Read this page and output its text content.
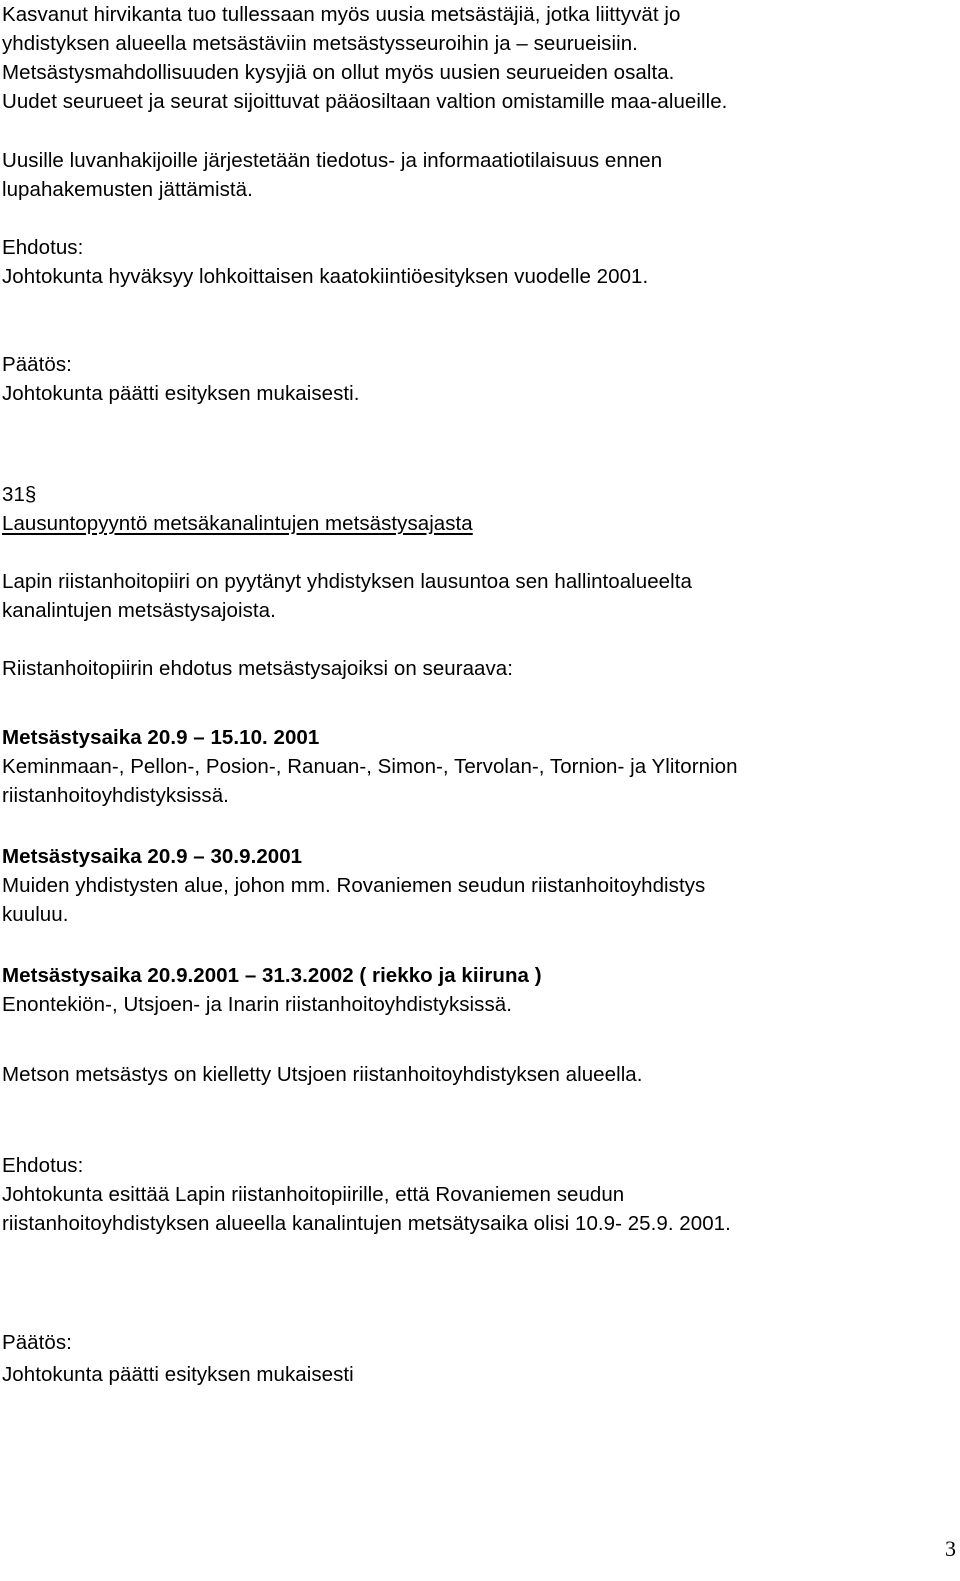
Kasvanut hirvikanta tuo tullessaan myös uusia metsästäjiä, jotka liittyvät jo
yhdistyksen alueella metsästäviin metsästysseuroihin ja – seurueisiin.
Metsästysmahdollisuuden kysyjiä on ollut myös uusien seurueiden osalta.
Uudet seurueet ja seurat sijoittuvat pääosiltaan valtion omistamille maa-alueille.
Uusille luvanhakijoille järjestetään tiedotus- ja informaatiotilaisuus ennen
lupahakemusten jättämistä.
Ehdotus:
Johtokunta hyväksyy lohkoittaisen kaatokiintiöesityksen vuodelle 2001.
Päätös:
Johtokunta päätti esityksen mukaisesti.
31§
Lausuntopyyntö metsäkanalintujen metsästysajasta
Lapin riistanhoitopiiri on pyytänyt yhdistyksen lausuntoa sen hallintoalueelta
kanalintujen metsästysajoista.
Riistanhoitopiirin ehdotus metsästysajoiksi on seuraava:
Metsästysaika 20.9 – 15.10. 2001
Keminmaan-, Pellon-, Posion-, Ranuan-, Simon-, Tervolan-, Tornion- ja Ylitornion
riistanhoitoyhdistyksissä.
Metsästysaika 20.9 – 30.9.2001
Muiden yhdistysten alue, johon mm. Rovaniemen seudun riistanhoitoyhdistys
kuuluu.
Metsästysaika 20.9.2001 – 31.3.2002 ( riekko ja kiiruna )
Enontekiön-, Utsjoen- ja Inarin riistanhoitoyhdistyksissä.
Metson metsästys on kielletty Utsjoen riistanhoitoyhdistyksen alueella.
Ehdotus:
Johtokunta esittää Lapin riistanhoitopiirille, että Rovaniemen seudun
riistanhoitoyhdistyksen alueella kanalintujen metsätysaika olisi 10.9- 25.9. 2001.
Päätös:
Johtokunta päätti esityksen mukaisesti
3
